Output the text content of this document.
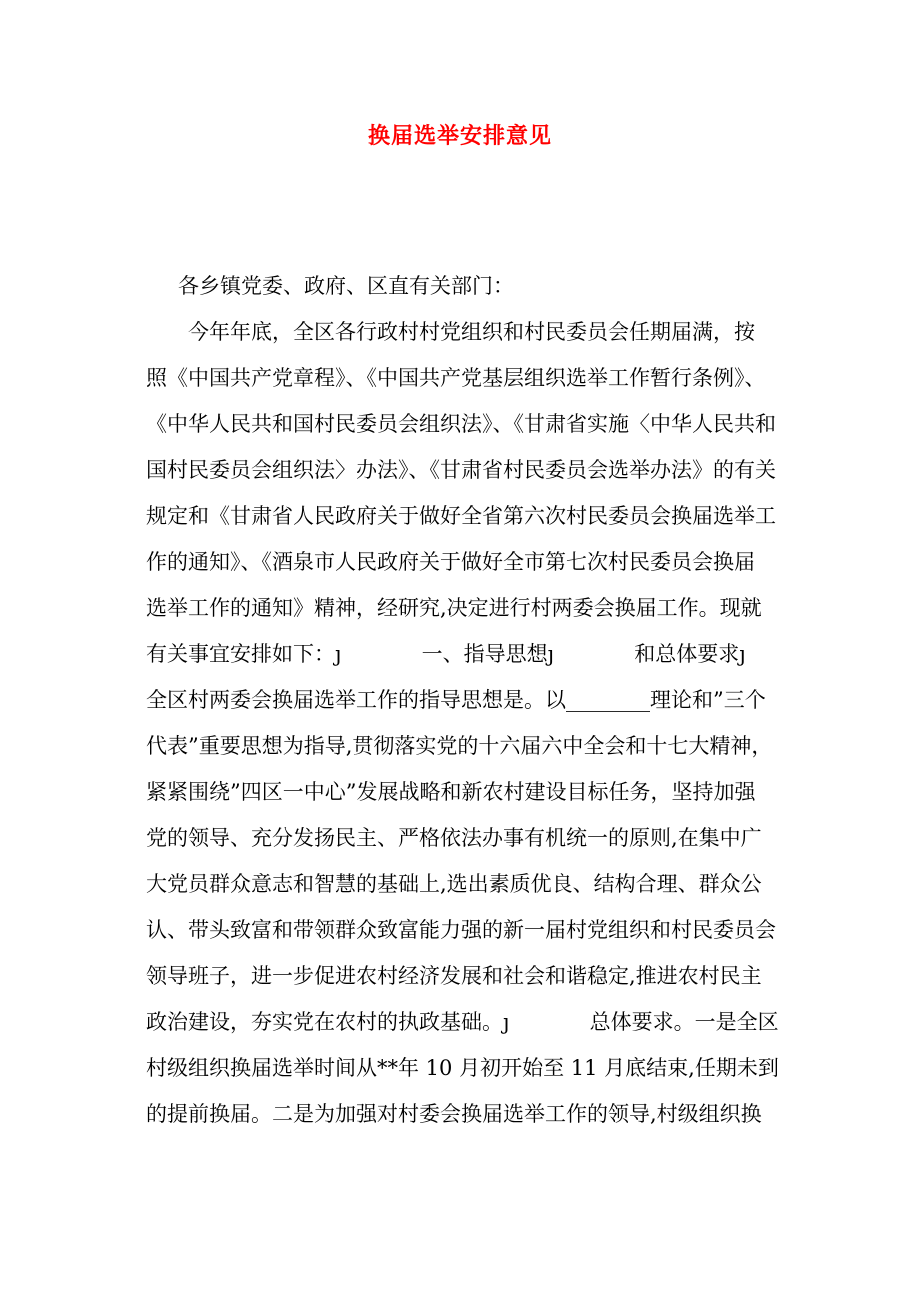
换届选举安排意见
各乡镇党委、政府、区直有关部门：
今年年底，全区各行政村村党组织和村民委员会任期届满，按
照《中国共产党章程》、《中国共产党基层组织选举工作暂行条例》、
《中华人民共和国村民委员会组织法》、《甘肃省实施〈中华人民共和
国村民委员会组织法〉办法》、《甘肃省村民委员会选举办法》的有关
规定和《甘肃省人民政府关于做好全省第六次村民委员会换届选举工
作的通知》、《酒泉市人民政府关于做好全市第七次村民委员会换届
选举工作的通知》精神，经研究,决定进行村两委会换届工作。现就
有关事宜安排如下：ȷ            一、指导思想ȷ            和总体要求ȷ
全区村两委会换届选举工作的指导思想是。以________理论和”三个
代表”重要思想为指导,贯彻落实党的十六届六中全会和十七大精神，
紧紧围绕”四区一中心”发展战略和新农村建设目标任务，坚持加强
党的领导、充分发扬民主、严格依法办事有机统一的原则,在集中广
大党员群众意志和智慧的基础上,选出素质优良、结构合理、群众公
认、带头致富和带领群众致富能力强的新一届村党组织和村民委员会
领导班子，进一步促进农村经济发展和社会和谐稳定,推进农村民主
政治建设，夯实党在农村的执政基础。ȷ            总体要求。一是全区
村级组织换届选举时间从**年 10 月初开始至 11 月底结束,任期未到
的提前换届。二是为加强对村委会换届选举工作的领导,村级组织换
